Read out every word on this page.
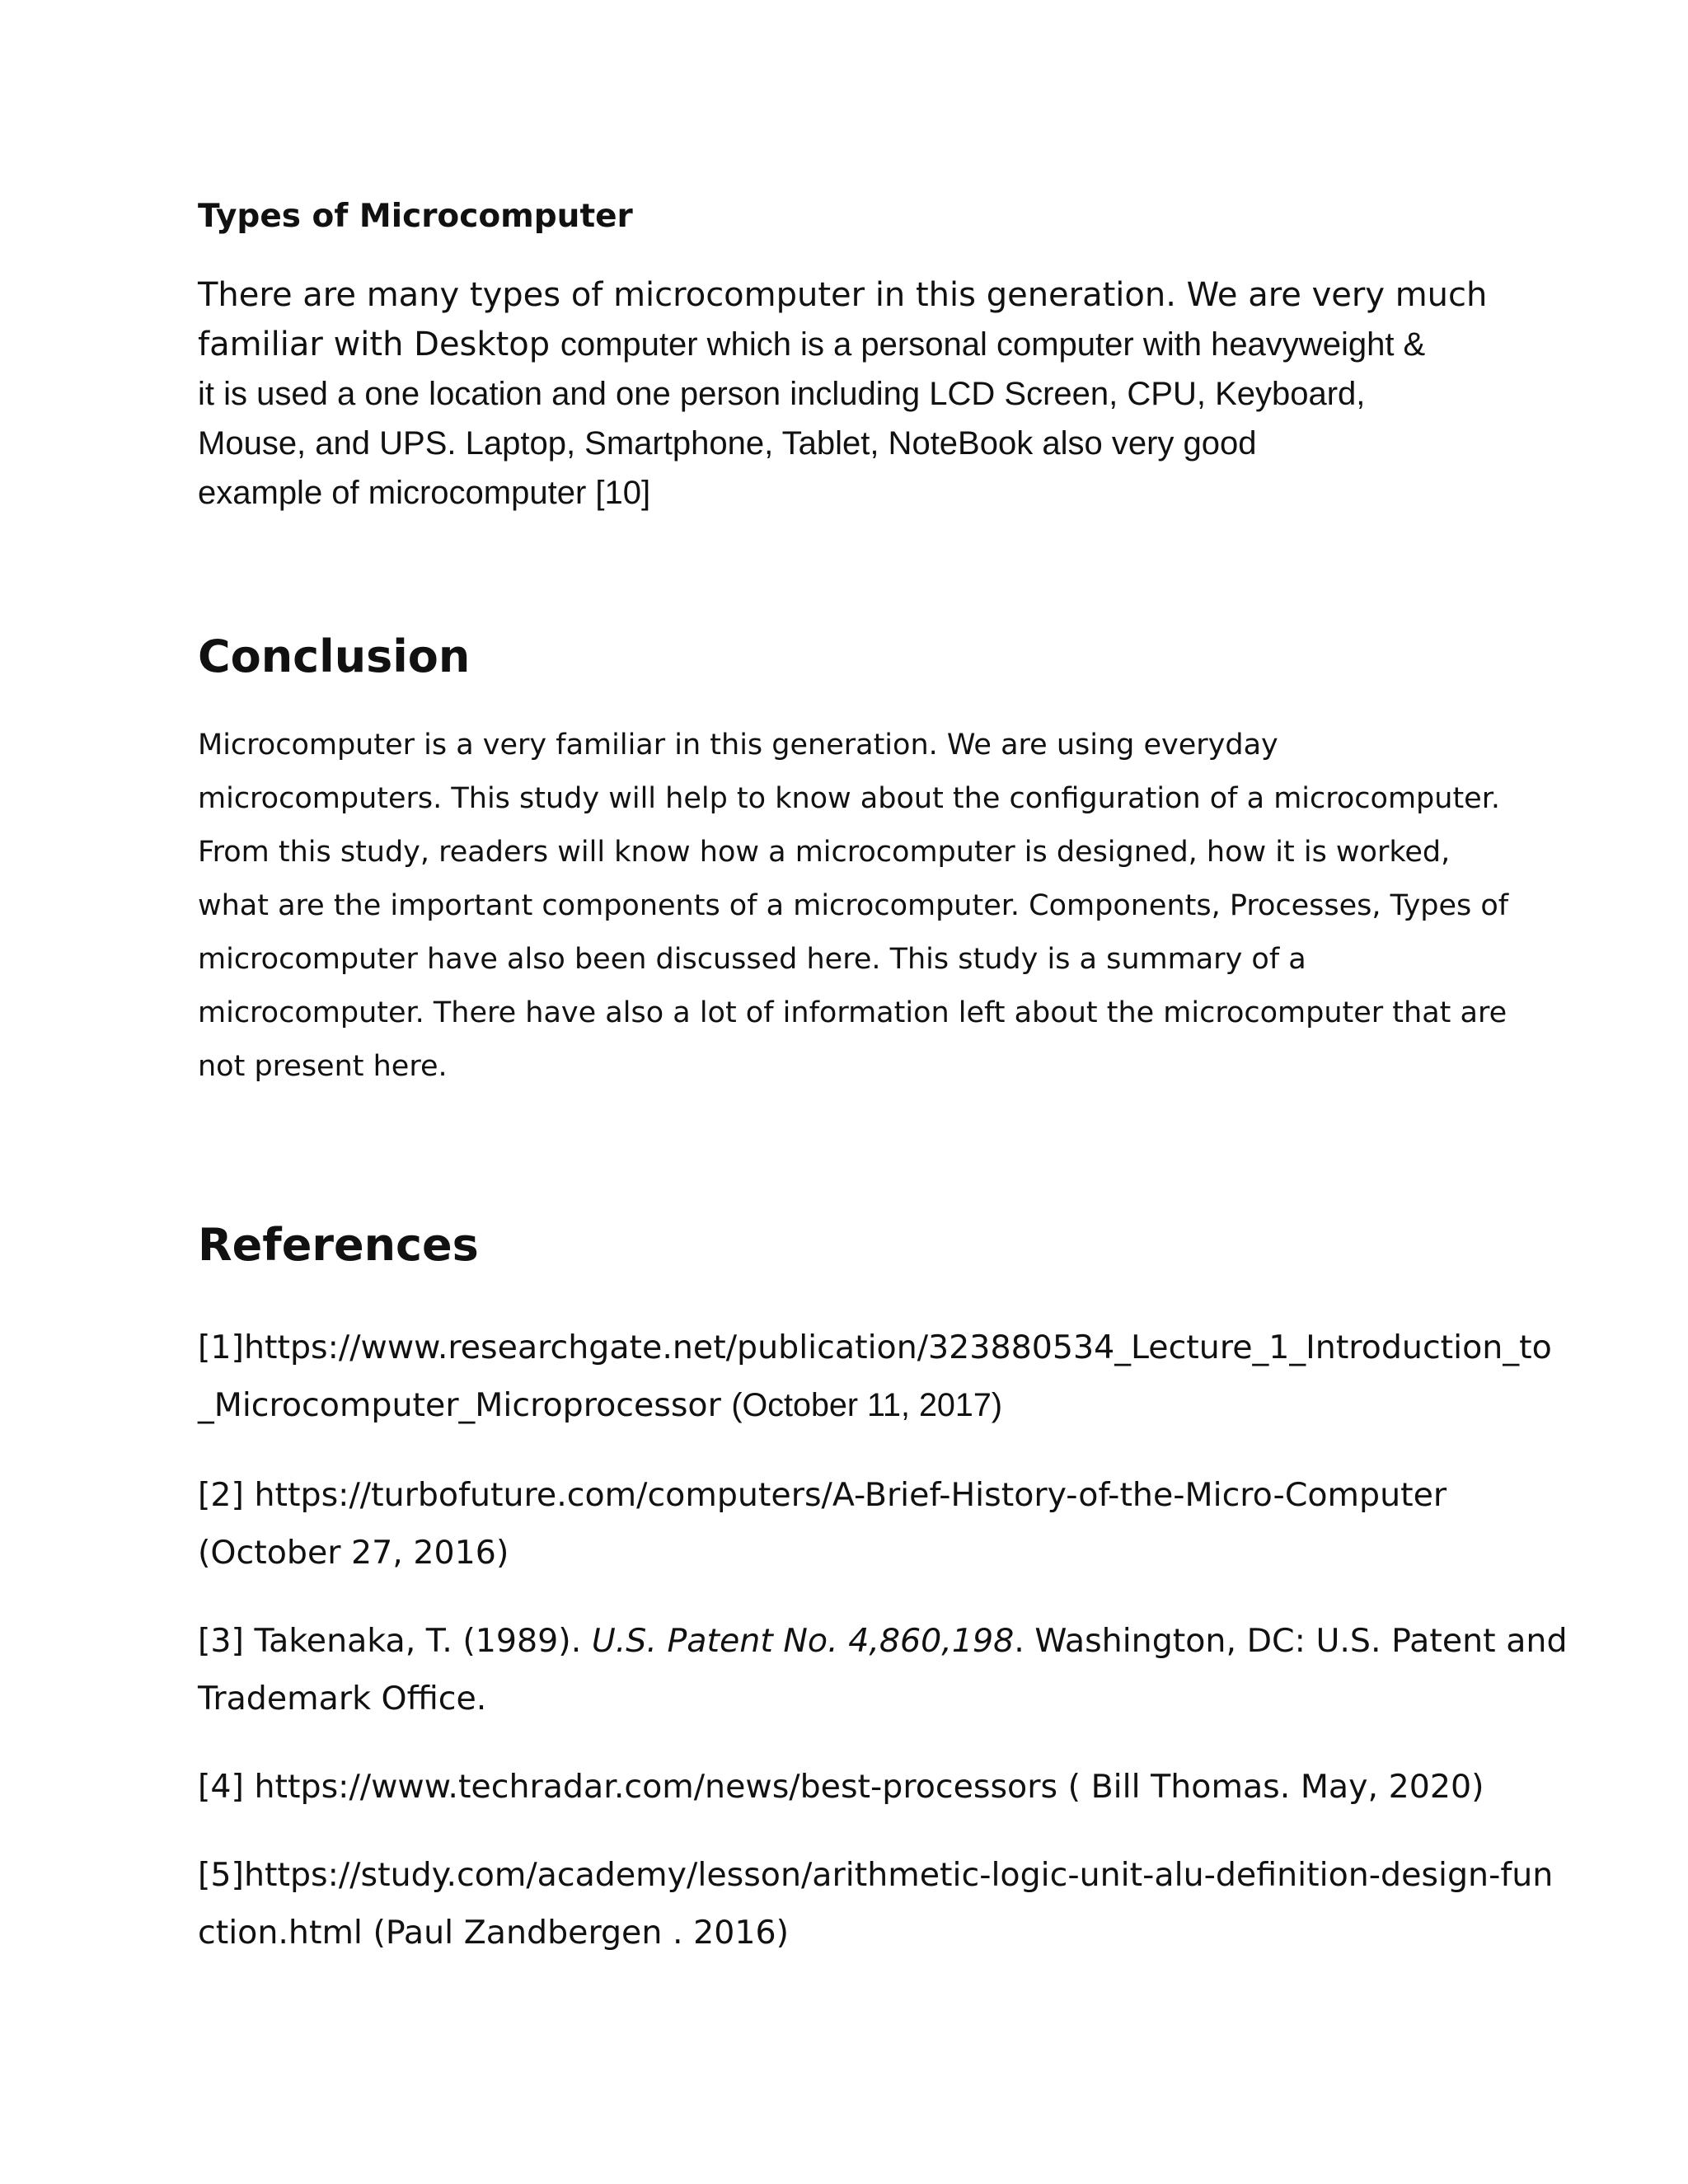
Types of Microcomputer

There are many types of microcomputer in this generation. We are very much
familiar with Desktop computer which is a personal computer with heavyweight &
it is used a one location and one person including LCD Screen, CPU, Keyboard,
Mouse, and UPS. Laptop, Smartphone, Tablet, NoteBook also very good
example of microcomputer [10]

Conclusion

Microcomputer is a very familiar in this generation. We are using everyday
microcomputers. This study will help to know about the configuration of a microcomputer.
From this study, readers will know how a microcomputer is designed, how it is worked,
what are the important components of a microcomputer. Components, Processes, Types of
microcomputer have also been discussed here. This study is a summary of a
microcomputer. There have also a lot of information left about the microcomputer that are
not present here.

References

[1]https://www.researchgate.net/publication/323880534_Lecture_1_Introduction_to
_Microcomputer_Microprocessor (October 11, 2017)

[2] https://turbofuture.com/computers/A-Brief-History-of-the-Micro-Computer
(October 27, 2016)

[3] Takenaka, T. (1989). U.S. Patent No. 4,860,198. Washington, DC: U.S. Patent and
Trademark Office.

[4] https://www.techradar.com/news/best-processors ( Bill Thomas. May, 2020)

[5]https://study.com/academy/lesson/arithmetic-logic-unit-alu-definition-design-fun
ction.html (Paul Zandbergen . 2016)
